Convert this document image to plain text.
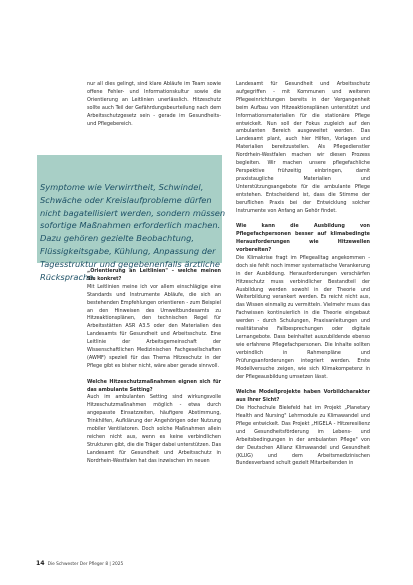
Symptome wie Verwirrtheit, Schwindel, Schwäche oder Kreislaufprobleme dürfen nicht bagatellisiert werden, sondern müssen sofortige Maßnahmen erforderlich machen. Dazu gehören gezielte Beobachtung, Flüssigkeitsgabe, Kühlung, Anpassung der Tagesstruktur und gegebenenfalls ärztliche Rücksprache.

nur all dies gelingt, sind klare Abläufe im Team sowie offene Fehler- und Informationskultur sowie die Orientierung an Leitlinien unerlässlich. Hitzeschutz sollte auch Teil der Gefährdungsbeurteilung nach dem Arbeitsschutzgesetz sein - gerade im Gesundheits- und Pflegebereich.

„Orientierung an Leitlinien" – welche meinen Sie konkret?

Mit Leitlinien meine ich vor allem einschlägige eine Standards und Instrumente Abläufe, die sich an bestehenden Empfehlungen orientieren - zum Beispiel an den Hinweisen des Umweltbundesamts zu Hitzeaktionsplänen, den technischen Regel für Arbeitsstätten ASR A3.5 oder den Materialien des Landesamts für Gesundheit und Arbeitsschutz. Eine Leitlinie der Arbeitsgemeinschaft der Wissenschaftlichen Medizinischen Fachgesellschaften (AWMF) speziell für das Thema Hitzeschutz in der Pflege gibt es bisher nicht, wäre aber gerade sinnvoll.

Welche Hitzeschutzmaßnahmen eignen sich für das ambulante Setting?

Auch im ambulanten Setting sind wirkungsvolle Hitzeschutzmaßnahmen möglich - etwa durch angepasste Einsatzzeiten, häufigere Abstimmung, Trinkhilfen, Aufklärung der Angehörigen oder Nutzung mobiler Ventilatoren. Doch solche Maßnahmen allein reichen nicht aus, wenn es keine verbindlichen Strukturen gibt, die die Träger dabei unterstützen. Das Landesamt für Gesundheit und Arbeitsschutz in Nordrhein-Westfalen hat das inzwischen im neuen

Landesamt für Gesundheit und Arbeitsschutz aufgegriffen - mit Kommunen und weiteren Pflegeeinrichtungen bereits in der Vergangenheit beim Aufbau von Hitzeaktionsplänen unterstützt und Informationsmaterialien für die stationäre Pflege entwickelt. Nun soll der Fokus zugleich auf den ambulanten Bereich ausgeweitet werden. Das Landesamt plant, auch hier Hilfen, Vorlagen und Materialien bereitzustellen. Als Pflegedienstler Nordrhein-Westfalen machen wir diesen Prozess begleiten. Wir machen unsere pflegefachliche Perspektive frühzeitig einbringen, damit praxistaugliche Materialien und Unterstützungsangebote für die ambulante Pflege entstehen. Entscheidend ist, dass die Stimme der beruflichen Praxis bei der Entwicklung solcher Instrumente von Anfang an Gehör findet.

Wie kann die Ausbildung von Pflegefachpersonen besser auf klimabedingte Herausforderungen wie Hitzewellen vorbereiten?

Die Klimakrise fragt im Pflegealltag angekommen - doch sie fehlt noch immer systematische Verankerung in der Ausbildung. Herausforderungen verschärfen Hitzeschutz muss verbindlicher Bestandteil der Ausbildung werden sowohl in der Theorie und Weiterbildung verankert werden. Es reicht nicht aus, das Wissen einmalig zu vermitteln. Vielmehr muss das Fachwissen kontinuierlich in die Theorie eingebaut werden - durch Schulungen, Praxisanleitungen und realitätsnahe Fallbesprechungen oder digitale Lernangebote. Dass beinhaltet auszubildende ebenso wie erfahrene Pflegefachpersonen. Die Inhalte sollten verbindlich in Rahmenpläne und Prüfungsanforderungen integriert werden. Erste Modellversuche zeigen, wie sich Klimakompetenz in der Pflegeausbildung umsetzen lässt.

Welche Modellprojekte haben Vorbildcharakter aus Ihrer Sicht?

Die Hochschule Bielefeld hat im Projekt „Planetary Health and Nursing" Lehrmodule zu Klimawandel und Pflege entwickelt. Das Projekt „HIGELA - Hitzeresilienz und Gesundheitsförderung im Lebens- und Arbeitsbedingungen in der ambulanten Pflege" von der Deutschen Allianz Klimawandel und Gesundheit (KLUG) und dem Arbeitsmedizinischen Bundesverband schult gezielt Mitarbeitenden in

14 Die Schwester Der Pfleger 8 | 2025
